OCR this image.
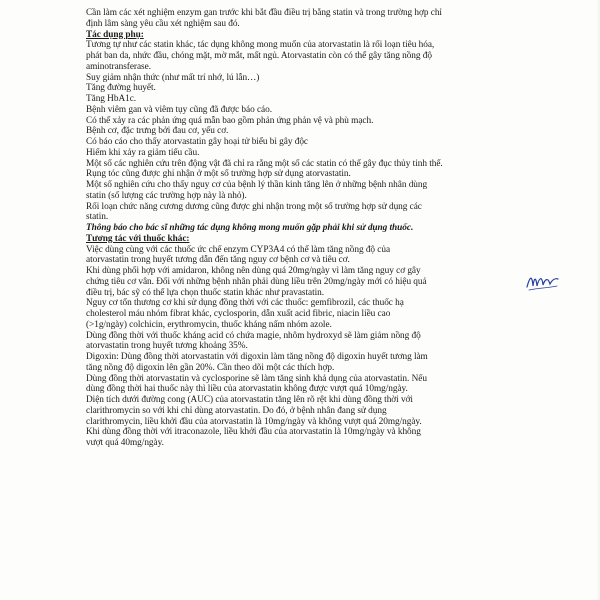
Cần làm các xét nghiệm enzym gan trước khi bắt đầu điều trị bằng statin và trong trường hợp chỉ

định lâm sàng yêu cầu xét nghiệm sau đó.

Tác dụng phụ:

Tương tự như các statin khác, tác dụng không mong muốn của atorvastatin là rối loạn tiêu hóa,

phát ban da, nhức đầu, chóng mặt, mờ mắt, mất ngủ. Atorvastatin còn có thể gây tăng nồng độ

aminotransferase.

Suy giảm nhận thức (như mất trí nhớ, lú lẫn…)

Tăng đường huyết.

Tăng HbA1c.

Bệnh viêm gan và viêm tụy cũng đã được báo cáo.

Có thể xảy ra các phản ứng quá mẫn bao gồm phản ứng phản vệ và phù mạch.

Bệnh cơ, đặc trưng bởi đau cơ, yếu cơ.

Có báo cáo cho thấy atorvastatin gây hoại tử biểu bì gây độc

Hiếm khi xảy ra giảm tiểu cầu.

Một số các nghiên cứu trên động vật đã chỉ ra rằng một số các statin có thể gây đục thủy tinh thể.

Rụng tóc cũng được ghi nhận ở một số trường hợp sử dụng atorvastatin.

Một số nghiên cứu cho thấy nguy cơ của bệnh lý thần kinh tăng lên ở những bệnh nhân dùng

statin (số lượng các trường hợp này là nhỏ).

Rối loạn chức năng cương dương cũng được ghi nhận trong một số trường hợp sử dụng các

statin.

Thông báo cho bác sĩ những tác dụng không mong muốn gặp phải khi sử dụng thuốc.

Tương tác với thuốc khác:

Việc dùng cùng với các thuốc ức chế enzym CYP3A4 có thể làm tăng nồng độ của

atorvastatin trong huyết tương dẫn đến tăng nguy cơ bệnh cơ và tiêu cơ.

Khi dùng phối hợp với amidaron, không nên dùng quá 20mg/ngày vì làm tăng nguy cơ gây

chứng tiêu cơ vân. Đối với những bệnh nhân phải dùng liều trên 20mg/ngày mới có hiệu quả

điều trị, bác sỹ có thể lựa chọn thuốc statin khác như pravastatin.

Nguy cơ tổn thương cơ khi sử dụng đồng thời với các thuốc: gemfibrozil, các thuốc hạ

cholesterol máu nhóm fibrat khác, cyclosporin, dẫn xuất acid fibric, niacin liều cao

(>1g/ngày) colchicin, erythromycin, thuốc kháng nấm nhóm azole.

Dùng đồng thời với thuốc kháng acid có chứa magie, nhôm hydroxyd sẽ làm giảm nồng độ

atorvastatin trong huyết tương khoảng 35%.

Digoxin: Dùng đồng thời atorvastatin với digoxin làm tăng nồng độ digoxin huyết tương làm

tăng nồng độ digoxin lên gần 20%. Cần theo dõi một các thích hợp.

Dùng đồng thời atorvastatin và cyclosporine sẽ làm tăng sinh khả dụng của atorvastatin. Nếu

dùng đồng thời hai thuốc này thì liều của atorvastatin không được vượt quá 10mg/ngày.

Diện tích dưới đường cong (AUC) của atorvastatin tăng lên rõ rệt khi dùng đồng thời với

clarithromycin so với khi chỉ dùng atorvastatin. Do đó, ở bệnh nhân đang sử dụng

clarithromycin, liều khởi đầu của atorvastatin là 10mg/ngày và không vượt quá 20mg/ngày.

Khi dùng đồng thời với itraconazole, liều khởi đầu của atorvastatin là 10mg/ngày và không

vượt quá 40mg/ngày.
